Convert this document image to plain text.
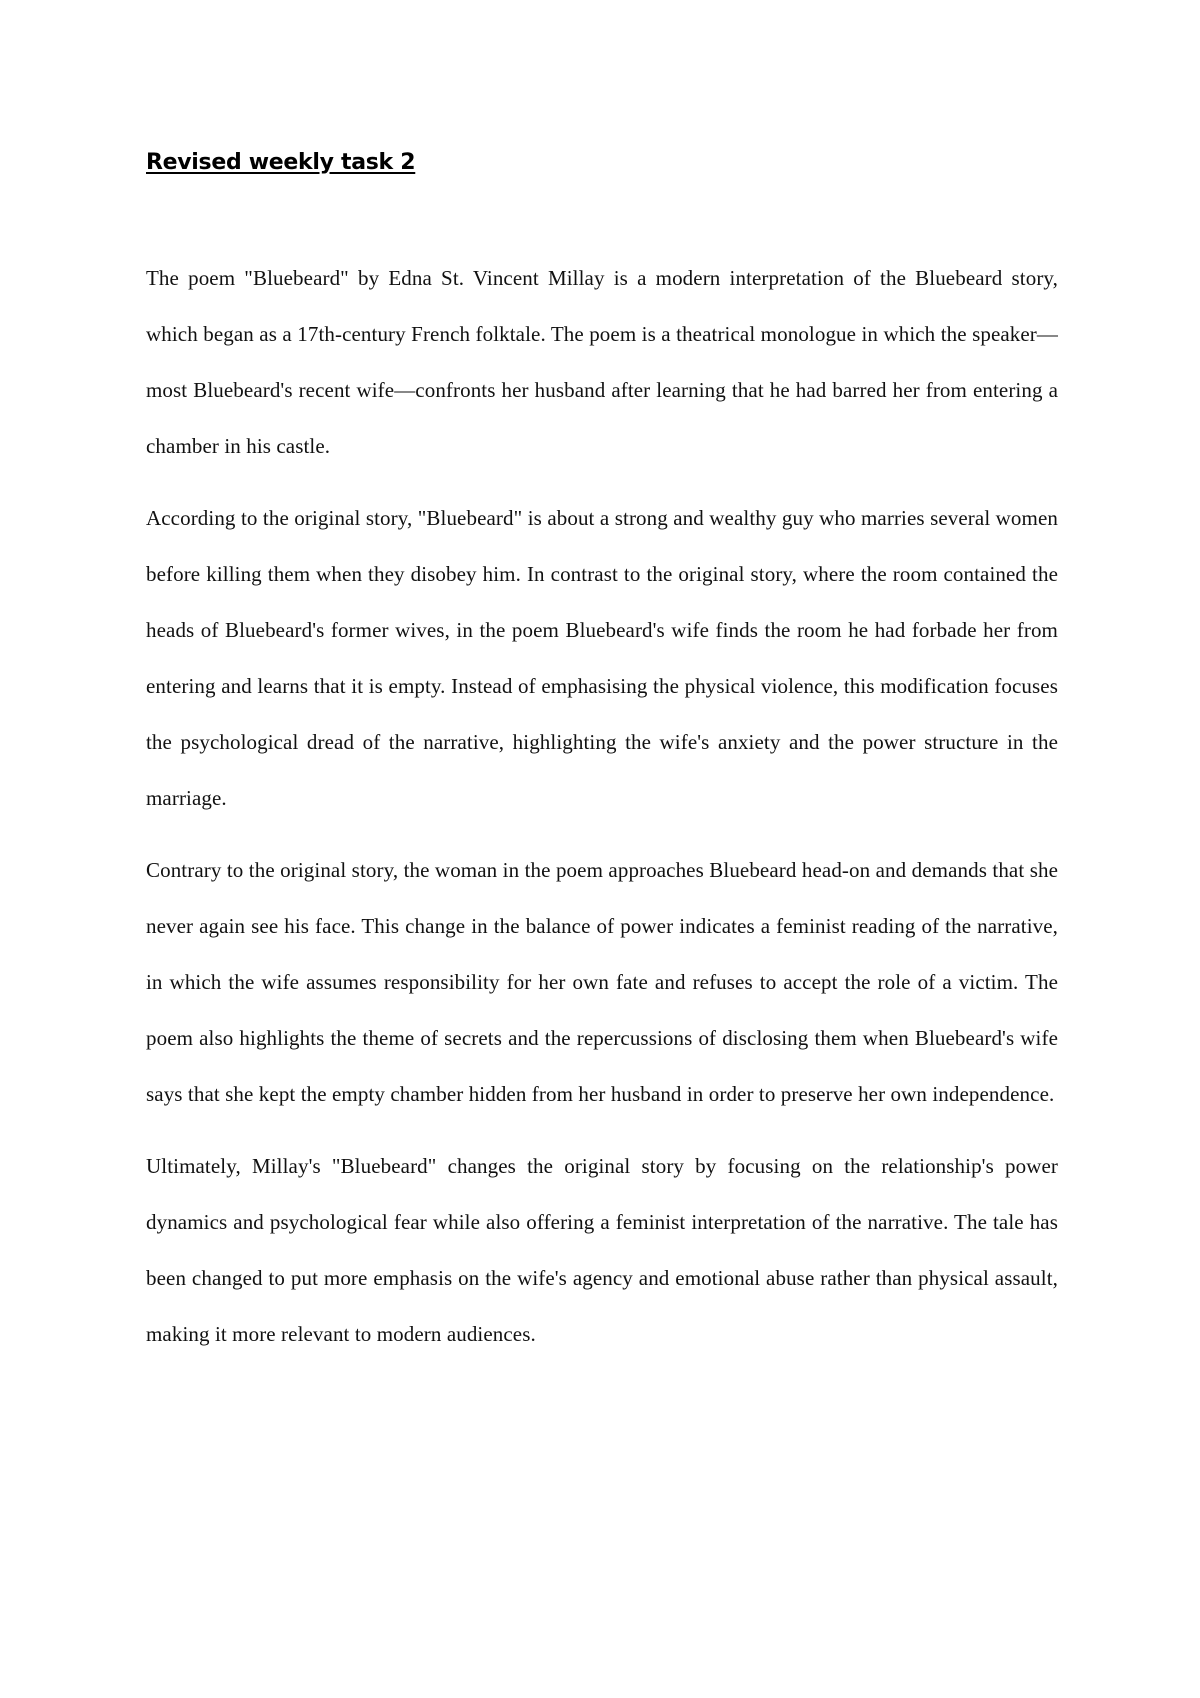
Revised weekly task 2

The poem "Bluebeard" by Edna St. Vincent Millay is a modern interpretation of the Bluebeard story, which began as a 17th-century French folktale. The poem is a theatrical monologue in which the speaker—most Bluebeard's recent wife—confronts her husband after learning that he had barred her from entering a chamber in his castle.

According to the original story, "Bluebeard" is about a strong and wealthy guy who marries several women before killing them when they disobey him. In contrast to the original story, where the room contained the heads of Bluebeard's former wives, in the poem Bluebeard's wife finds the room he had forbade her from entering and learns that it is empty. Instead of emphasising the physical violence, this modification focuses the psychological dread of the narrative, highlighting the wife's anxiety and the power structure in the marriage.

Contrary to the original story, the woman in the poem approaches Bluebeard head-on and demands that she never again see his face. This change in the balance of power indicates a feminist reading of the narrative, in which the wife assumes responsibility for her own fate and refuses to accept the role of a victim. The poem also highlights the theme of secrets and the repercussions of disclosing them when Bluebeard's wife says that she kept the empty chamber hidden from her husband in order to preserve her own independence.

Ultimately, Millay's "Bluebeard" changes the original story by focusing on the relationship's power dynamics and psychological fear while also offering a feminist interpretation of the narrative. The tale has been changed to put more emphasis on the wife's agency and emotional abuse rather than physical assault, making it more relevant to modern audiences.
